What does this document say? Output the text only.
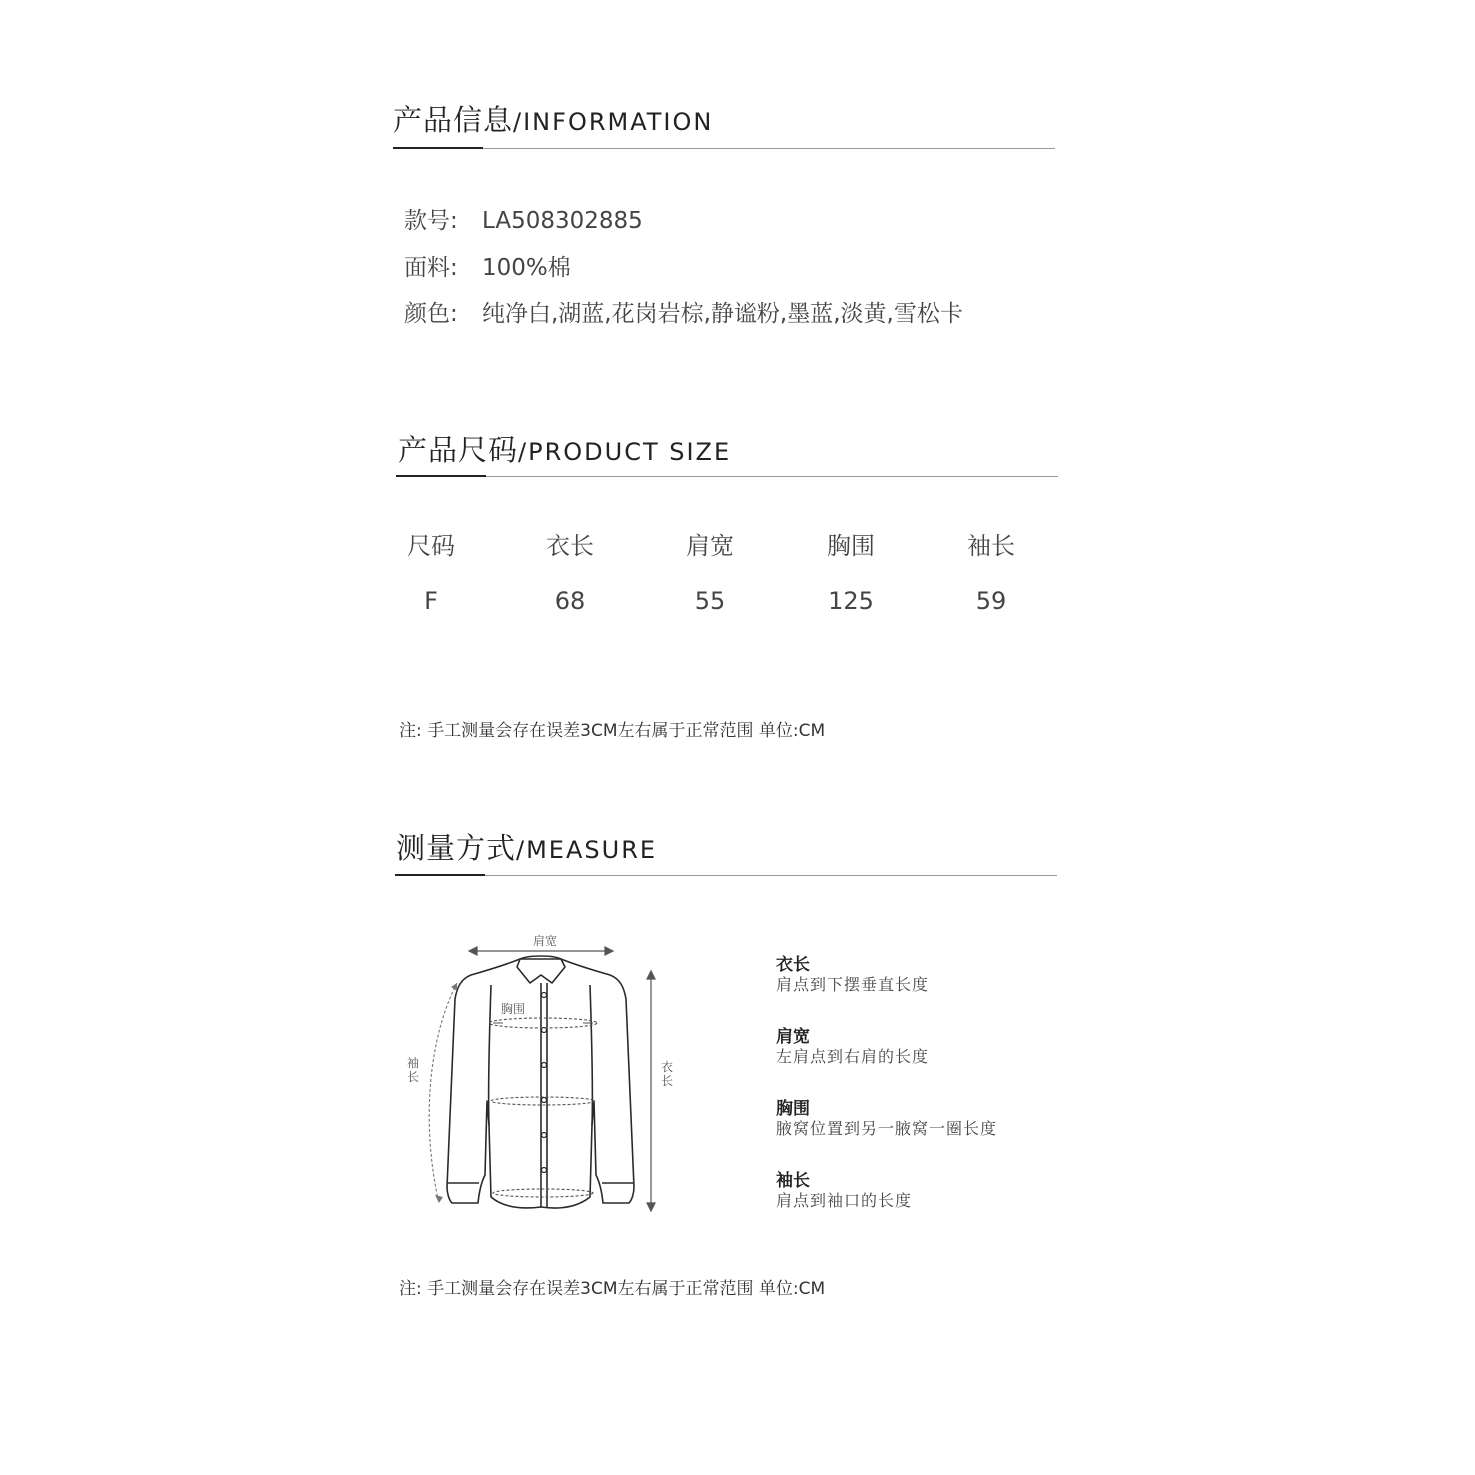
产品信息/INFORMATION
款号: LA508302885
面料: 100%棉
颜色: 纯净白,湖蓝,花岗岩棕,静谧粉,墨蓝,淡黄,雪松卡
产品尺码/PRODUCT SIZE
尺码	衣长	肩宽	胸围	袖长
F	68	55	125	59
注: 手工测量会存在误差3CM左右属于正常范围 单位:CM
测量方式/MEASURE
肩宽
胸围
袖
长
衣
长
衣长
肩点到下摆垂直长度
肩宽
左肩点到右肩的长度
胸围
腋窝位置到另一腋窝一圈长度
袖长
肩点到袖口的长度
注: 手工测量会存在误差3CM左右属于正常范围 单位:CM
